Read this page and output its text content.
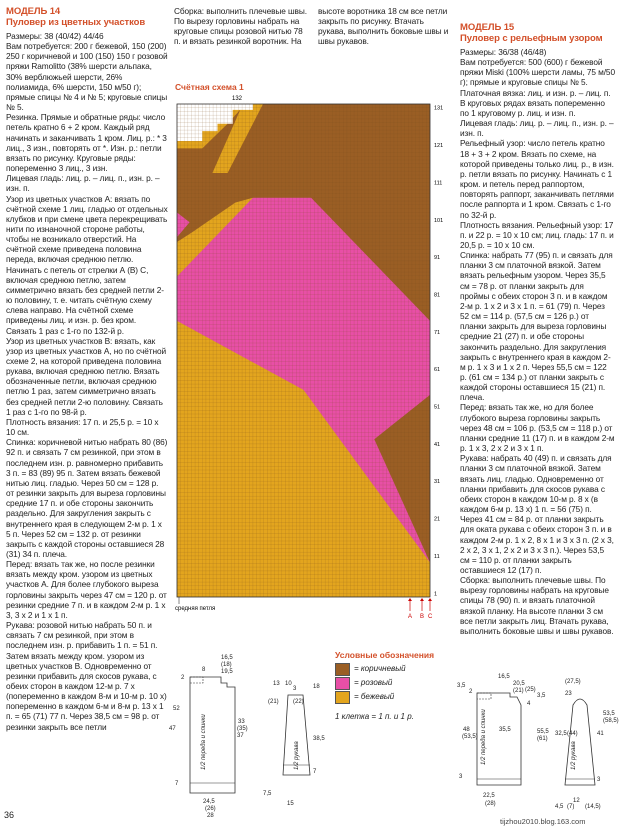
МОДЕЛЬ 14

Пуловер из цветных участков

Размеры: 38 (40/42) 44/46
Вам потребуется: 200 г бежевой, 150 (200) 250 г коричневой и 100 (150) 150 г розовой пряжи Ramolitto (38% шерсти альпака, 30% верблюжьей шерсти, 26% полиамида, 6% шерсти, 150 м/50 г); прямые спицы № 4 и № 5; круговые спицы № 5.
Резинка. Прямые и обратные ряды: число петель кратно 6 + 2 кром. Каждый ряд начинать и заканчивать 1 кром. Лиц. р.: * 3 лиц., 3 изн., повторять от *. Изн. р.: петли вязать по рисунку. Круговые ряды: попеременно 3 лиц., 3 изн.
Лицевая гладь: лиц. р. – лиц. п., изн. р. – изн. п.
Узор из цветных участков А: вязать по счётной схеме 1 лиц. гладью от отдельных клубков и при смене цвета перекрещивать нити по изнаночной стороне работы, чтобы не возникало отверстий. На счётной схеме приведена половина переда, включая среднюю петлю. Начинать с петель от стрелки А (В) С, включая среднюю петлю, затем симметрично вязать без средней петли 2-ю половину, т. е. читать счётную схему слева направо. На счётной схеме приведены лиц. и изн. р. без кром. Связать 1 раз с 1-го по 132-й р.
Узор из цветных участков В: вязать, как узор из цветных участков А, но по счётной схеме 2, на которой приведена половина рукава, включая среднюю петлю. Вязать обозначенные петли, включая среднюю петлю 1 раз, затем симметрично вязать без средней петли 2-ю половину. Связать 1 раз с 1-го по 98-й р.
Плотность вязания: 17 п. и 25,5 р. = 10 х 10 см.
Спинка: коричневой нитью набрать 80 (86) 92 п. и связать 7 см резинкой, при этом в последнем изн. р. равномерно прибавить 3 п. = 83 (89) 95 п. Затем вязать бежевой нитью лиц. гладью. Через 50 см = 128 р. от резинки закрыть для выреза горловины средние 17 п. и обе стороны закончить раздельно. Для закругления закрыть с внутреннего края в следующем 2-м р. 1 х 5 п. Через 52 см = 132 р. от резинки закрыть с каждой стороны оставшиеся 28 (31) 34 п. плеча.
Перед: вязать так же, но после резинки вязать между кром. узором из цветных участков А. Для более глубокого выреза горловины закрыть через 47 см = 120 р. от резинки средние 7 п. и в каждом 2-м р. 1 х 3, 3 х 2 и 1 х 1 п.
Рукава: розовой нитью набрать 50 п. и связать 7 см резинкой, при этом в последнем изн. р. прибавить 1 п. = 51 п. Затем вязать между кром. узором из цветных участков В. Одновременно от резинки прибавить для скосов рукава, с обеих сторон в каждом 12-м р. 7 х (попеременно в каждом 8-м и 10-м р. 10 х) попеременно в каждом 6-м и 8-м р. 13 х 1 п. = 65 (71) 77 п. Через 38,5 см = 98 р. от резинки закрыть все петли

Сборка: выполнить плечевые швы. По вырезу горловины набрать на круговые спицы розовой нитью 78 п. и вязать резинкой воротник. На высоте воротника 18 см все петли закрыть по рисунку. Втачать рукава, выполнить боковые швы и швы рукавов.

Счётная схема 1
132
131
121
111
101
91
81
71
61
51
41
31
21
11
1
средняя петля
A B C
Условные обозначения
= коричневый
= розовый
= бежевый
1 клетка = 1 п. и 1 р.
16,5
(18)
19,5
8
2
52
47
7
24,5
(26)
28
33
(35)
37
1/2 переда и спинки
10
3
(21) (22)
13	18
38,5
7
15
1/2 рукава
7,5

МОДЕЛЬ 15

Пуловер с рельефным узором

Размеры: 36/38 (46/48)
Вам потребуется: 500 (600) г бежевой пряжи Miski (100% шерсти ламы, 75 м/50 г); прямые и круговые спицы № 5.
Платочная вязка: лиц. и изн. р. – лиц. п. В круговых рядах вязать попеременно по 1 круговому р. лиц. и изн. п.
Лицевая гладь: лиц. р. – лиц. п., изн. р. – изн. п.
Рельефный узор: число петель кратно 18 + 3 + 2 кром. Вязать по схеме, на которой приведены только лиц. р., в изн. р. петли вязать по рисунку. Начинать с 1 кром. и петель перед раппортом, повторять раппорт, заканчивать петлями после раппорта и 1 кром. Связать с 1-го по 32-й р.
Плотность вязания. Рельефный узор: 17 п. и 22 р. = 10 х 10 см; лиц. гладь: 17 п. и 20,5 р. = 10 х 10 см.
Спинка: набрать 77 (95) п. и связать для планки 3 см платочной вязкой. Затем вязать рельефным узором. Через 35,5 см = 78 р. от планки закрыть для проймы с обеих сторон 3 п. и в каждом 2-м р. 1 х 2 и 3 х 1 п. = 61 (79) п. Через 52 см = 114 р. (57,5 см = 126 р.) от планки закрыть для выреза горловины средние 21 (27) п. и обе стороны закончить раздельно. Для закругления закрыть с внутреннего края в каждом 2-м р. 1 х 3 и 1 х 2 п. Через 55,5 см = 122 р. (61 см = 134 р.) от планки закрыть с каждой стороны оставшиеся 15 (21) п. плеча.
Перед: вязать так же, но для более глубокого выреза горловины закрыть через 48 см = 106 р. (53,5 см = 118 р.) от планки средние 11 (17) п. и в каждом 2-м р. 1 х 3, 2 х 2 и 3 х 1 п.
Рукава: набрать 40 (49) п. и связать для планки 3 см платочной вязкой. Затем вязать лиц. гладью. Одновременно от планки прибавить для скосов рукава с обеих сторон в каждом 10-м р. 8 х (в каждом 6-м р. 13 х) 1 п. = 56 (75) п. Через 41 см = 84 р. от планки закрыть для оката рукава с обеих сторон 3 п. и в каждом 2-м р. 1 х 2, 8 х 1 и 3 х 3 п. (2 х 3, 2 х 2, 3 х 1, 2 х 2 и 3 х 3 п.). Через 53,5 см = 110 р. от планки закрыть оставшиеся 12 (17) п.
Сборка: выполнить плечевые швы. По вырезу горловины набрать на круговые спицы 78 (90) п. и вязать платочной вязкой планку. На высоте планки 3 см все петли закрыть лиц. Втачать рукава, выполнить боковые швы и швы рукавов.

16,5
20,5
(21) (25)
3,5
2
1/2 переда и спинки
48
(53,5)
35,5
3
22,5
(28)
4
3,5
55,5
(61)
23
(27,5)
32,5 (44)
1/2 рукава
41
3
12
4,5 (7) (14,5)
53,5
(58,5)
36
tijzhou2010.blog.163.com
